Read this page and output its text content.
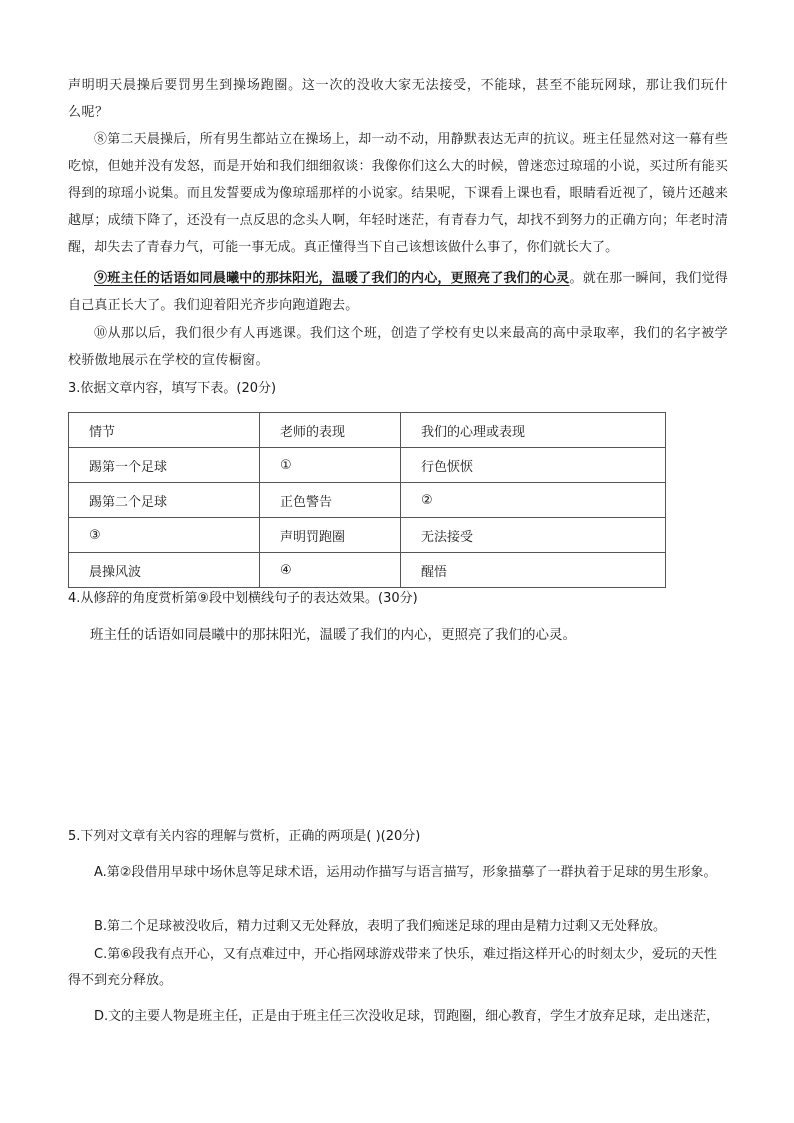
声明明天晨操后要罚男生到操场跑圈。这一次的没收大家无法接受，不能球，甚至不能玩网球，那让我们玩什么呢？

⑧第二天晨操后，所有男生都站立在操场上，却一动不动，用静默表达无声的抗议。班主任显然对这一幕有些吃惊，但她并没有发怒，而是开始和我们细细叙谈：我像你们这么大的时候，曾迷恋过琼瑶的小说，买过所有能买得到的琼瑶小说集。而且发誓要成为像琼瑶那样的小说家。结果呢，下课看上课也看，眼睛看近视了，镜片还越来越厚；成绩下降了，还没有一点反思的念头人啊，年轻时迷茫，有青春力气，却找不到努力的正确方向；年老时清醒，却失去了青春力气，可能一事无成。真正懂得当下自己该想该做什么事了，你们就长大了。

⑨班主任的话语如同晨曦中的那抹阳光，温暖了我们的内心，更照亮了我们的心灵。就在那一瞬间，我们觉得自己真正长大了。我们迎着阳光齐步向跑道跑去。

⑩从那以后，我们很少有人再逃课。我们这个班，创造了学校有史以来最高的高中录取率，我们的名字被学校骄傲地展示在学校的宣传橱窗。

3.依据文章内容，填写下表。(20分)

情节	老师的表现	我们的心理或表现
踢第一个足球	①	行色恹恹
踢第二个足球	正色警告	②
③	声明罚跑圈	无法接受
晨操风波	④	醒悟

4.从修辞的角度赏析第⑨段中划横线句子的表达效果。(30分)

班主任的话语如同晨曦中的那抹阳光，温暖了我们的内心，更照亮了我们的心灵。

5.下列对文章有关内容的理解与赏析，正确的两项是( )(20分)

A.第②段借用早球中场休息等足球术语，运用动作描写与语言描写，形象描摹了一群执着于足球的男生形象。

B.第二个足球被没收后，精力过剩又无处释放，表明了我们痴迷足球的理由是精力过剩又无处释放。

C.第⑥段我有点开心，又有点难过中，开心指网球游戏带来了快乐，难过指这样开心的时刻太少，爱玩的天性得不到充分释放。

D.文的主要人物是班主任，正是由于班主任三次没收足球，罚跑圈，细心教育，学生才放弃足球，走出迷茫，
